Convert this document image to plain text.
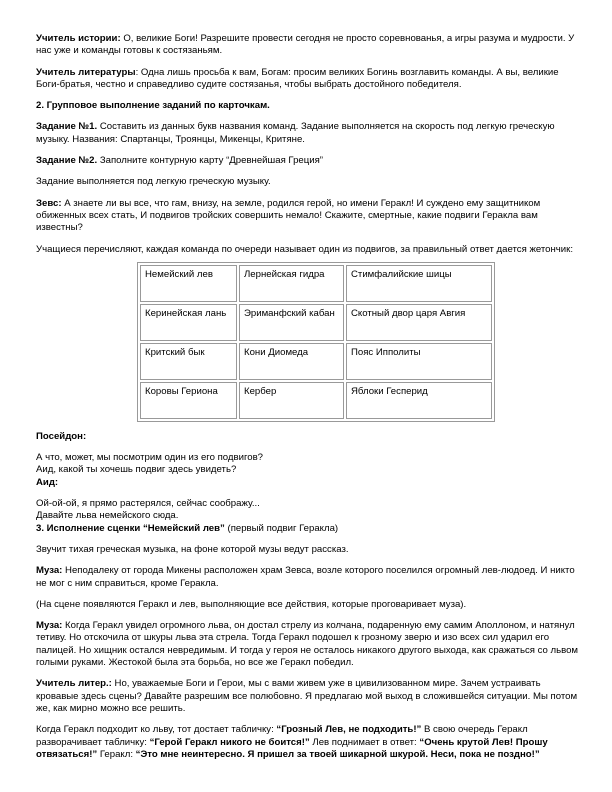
Учитель истории: О, великие Боги! Разрешите провести сегодня не просто соревнованья, а игры разума и мудрости. У нас уже и команды готовы к состязаньям.

Учитель литературы: Одна лишь просьба к вам, Богам: просим великих Богинь возглавить команды. А вы, великие Боги-братья, честно и справедливо судите состязанья, чтобы выбрать достойного победителя.

2. Групповое выполнение заданий по карточкам.

Задание №1. Составить из данных букв названия команд. Задание выполняется на скорость под легкую греческую музыку. Названия: Спартанцы, Троянцы, Микенцы, Критяне.

Задание №2. Заполните контурную карту “Древнейшая Греция”

Задание выполняется под легкую греческую музыку.

Зевс: А знаете ли вы все, что гам, внизу, на земле, родился герой, но имени Геракл! И суждено ему защитником обиженных всех стать, И подвигов тройских совершить немало! Скажите, смертные, какие подвиги Геракла вам известны?

Учащиеся перечисляют, каждая команда по очереди называет один из подвигов, за правильный ответ дается жетончик:

Немейский лев	Лернейская гидра	Стимфалийские шицы
Керинейская лань	Эриманфский кабан	Скотный двор царя Авгия
Критский бык	Кони Диомеда	Пояс Ипполиты
Коровы Гериона	Кербер	Яблоки Гесперид

Посейдон:

А что, может, мы посмотрим один из его подвигов?

Аид, какой ты хочешь подвиг здесь увидеть?

Аид:

Ой-ой-ой, я прямо растерялся, сейчас соображу...

Давайте льва немейского сюда.

3. Исполнение сценки “Немейский лев” (первый подвиг Геракла)

Звучит тихая греческая музыка, на фоне которой музы ведут рассказ.

Муза: Неподалеку от города Микены расположен храм Зевса, возле которого поселился огромный лев-людоед. И никто не мог с ним справиться, кроме Геракла.

(На сцене появляются Геракл и лев, выполняющие все действия, которые проговаривает муза).

Муза: Когда Геракл увидел огромного льва, он достал стрелу из колчана, подаренную ему самим Аполлоном, и натянул тетиву. Но отскочила от шкуры льва эта стрела. Тогда Геракл подошел к грозному зверю и изо всех сил ударил его палицей. Но хищник остался невредимым. И тогда у героя не осталось никакого другого выхода, как сражаться со львом голыми руками. Жестокой была эта борьба, но все же Геракл победил.

Учитель литер.: Но, уважаемые Боги и Герои, мы с вами живем уже в цивилизованном мире. Зачем устраивать кровавые здесь сцены? Давайте разрешим все полюбовно. Я предлагаю мой выход в сложившейся ситуации. Мы потом же, как мирно можно все решить.

Когда Геракл подходит ко льву, тот достает табличку: “Грозный Лев, не подходить!” В свою очередь Геракл разворачивает табличку: “Герой Геракл никого не боится!” Лев поднимает в ответ: “Очень крутой Лев! Прошу отвязаться!” Геракл: “Это мне неинтересно. Я пришел за твоей шикарной шкурой. Неси, пока не поздно!”
